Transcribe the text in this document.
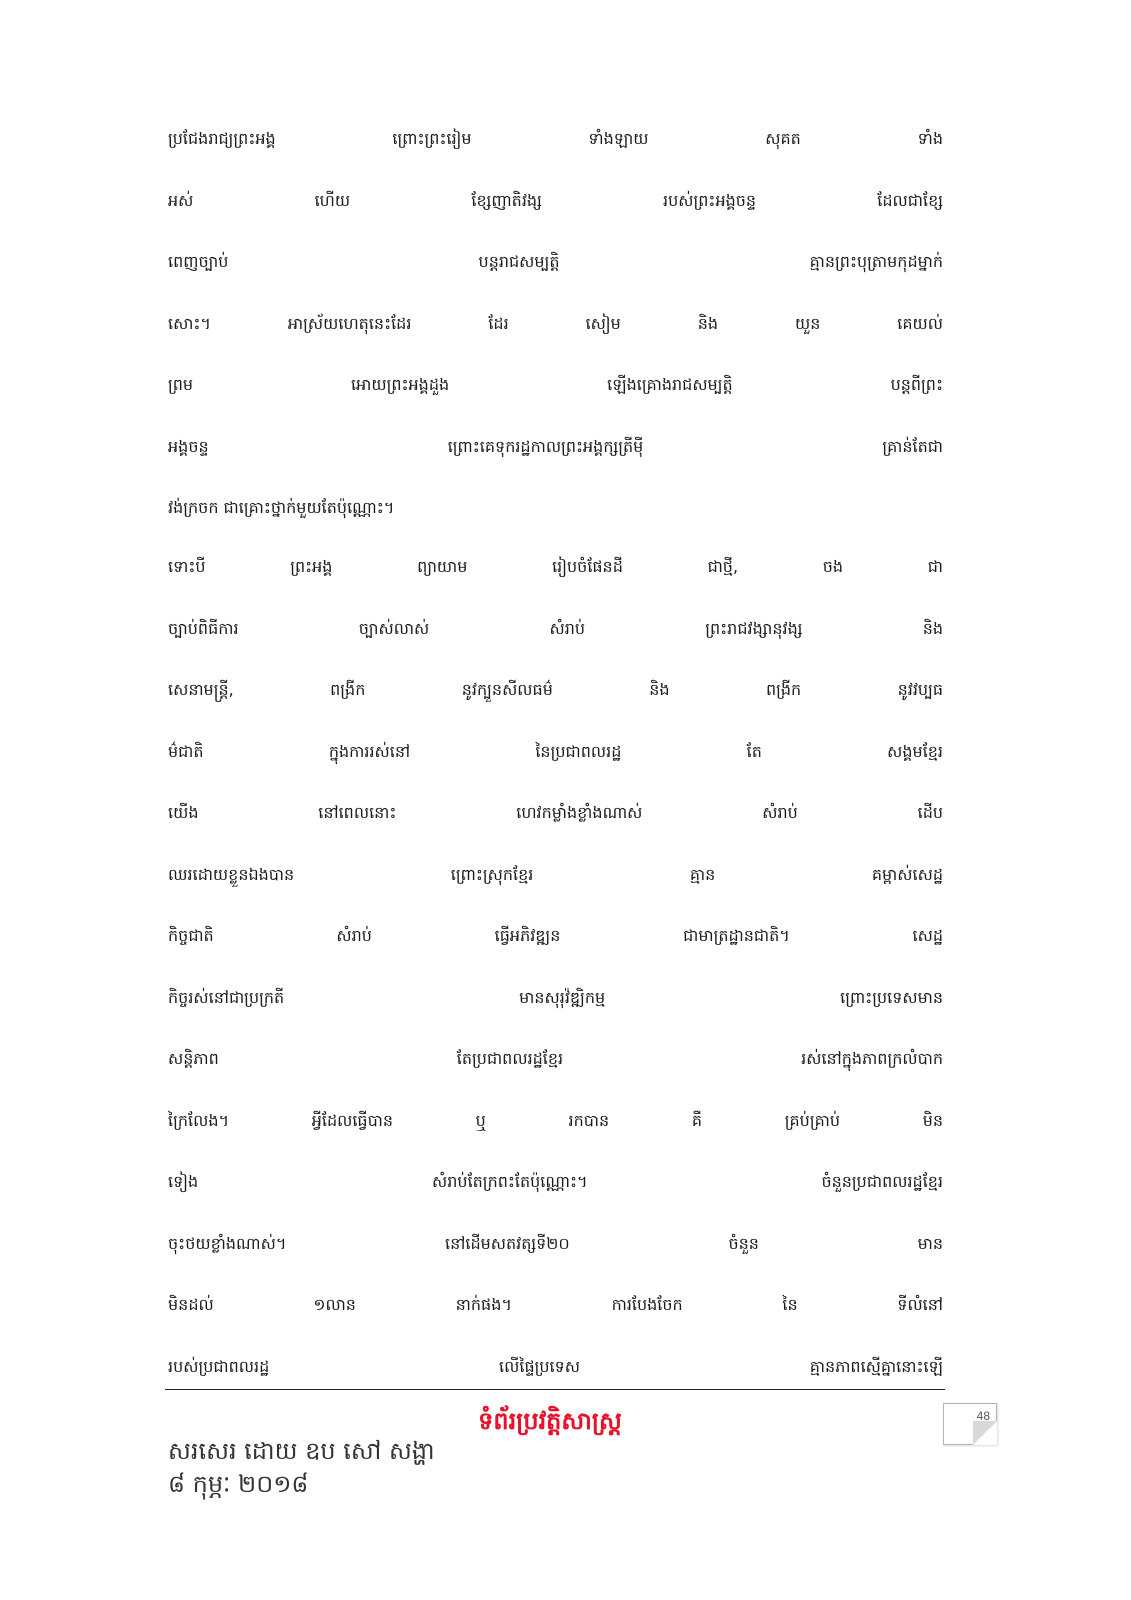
ប្រជែងរាជ្យព្រះអង្គ ព្រោះព្រះរៀម ទាំងឡាយ សុគត ទាំង
អស់ ហើយ ខ្សែញាតិវង្ស របស់ព្រះអង្គចន្ទ ដែលជាខ្សែ
ពេញច្បាប់ បន្តរាជសម្បត្តិ គ្មានព្រះបុត្រាមកុដម្នាក់
សោះ។ អាស្រ័យហេតុនេះដែរ ដែរ សៀម និង យួន គេយល់
ព្រម អោយព្រះអង្គដួង ឡើងគ្រោងរាជសម្បត្តិ បន្តពីព្រះ
អង្គចន្ទ ព្រោះគេទុករដ្ឋកាលព្រះអង្គក្សត្រីម៉ី គ្រាន់តែជា
វង់ក្រចក ជាគ្រោះថ្នាក់មួយតែប៉ុណ្ណោះ។
ទោះបី ព្រះអង្គ ព្យាយាម រៀបចំផែនដី ជាថ្មី, ចង ជា
ច្បាប់ពិធីការ ច្បាស់លាស់ សំរាប់ ព្រះរាជវង្សានុវង្ស និង
សេនាមន្ត្រី, ពង្រីក នូវក្បួនសីលធម៌ និង ពង្រីក នូវវប្បធ
ម៌ជាតិ ក្នុងការរស់នៅ នៃប្រជាពលរដ្ឋ តែ សង្គមខ្មែរ
យើង នៅពេលនោះ ហេវកម្លាំងខ្លាំងណាស់ សំរាប់ ដើប
ឈរដោយខ្លួនឯងបាន ព្រោះស្រុកខ្មែរ គ្មាន គម្ពាស់សេដ្ឋ
កិច្ចជាតិ សំរាប់ ធ្វើអភិវឌ្ឍន ជាមាត្រដ្ឋានជាតិ។ សេដ្ឋ
កិច្ចរស់នៅជាប្រក្រតី មានសុរុវ៉ឌ្ឍិកម្ម ព្រោះប្រទេសមាន
សន្តិភាព តែប្រជាពលរដ្ឋខ្មែរ រស់នៅក្នុងភាពក្រលំបាក
ក្រៃលែង។ អ្វីដែលធ្វើបាន ឬ រកបាន គឺ គ្រប់គ្រាប់ មិន
ទៀង សំរាប់តែក្រពះតែប៉ុណ្ណោះ។ ចំនួនប្រជាពលរដ្ឋខ្មែរ
ចុះថយខ្លាំងណាស់។ នៅដើមសតវត្សទី២០ ចំនួន មាន
មិនដល់ ១លាន នាក់ផង។ ការបែងចែក នៃ ទីលំនៅ
របស់ប្រជាពលរដ្ឋ លើផ្ទៃប្រទេស គ្មានភាពស្មើគ្នានោះឡើ
ទំព័រប្រវត្តិសាស្ត្រ
សរសេរ ដោយ ឧប សៅ សង្ហា
៨ កុម្ភៈ ២០១៨
48
